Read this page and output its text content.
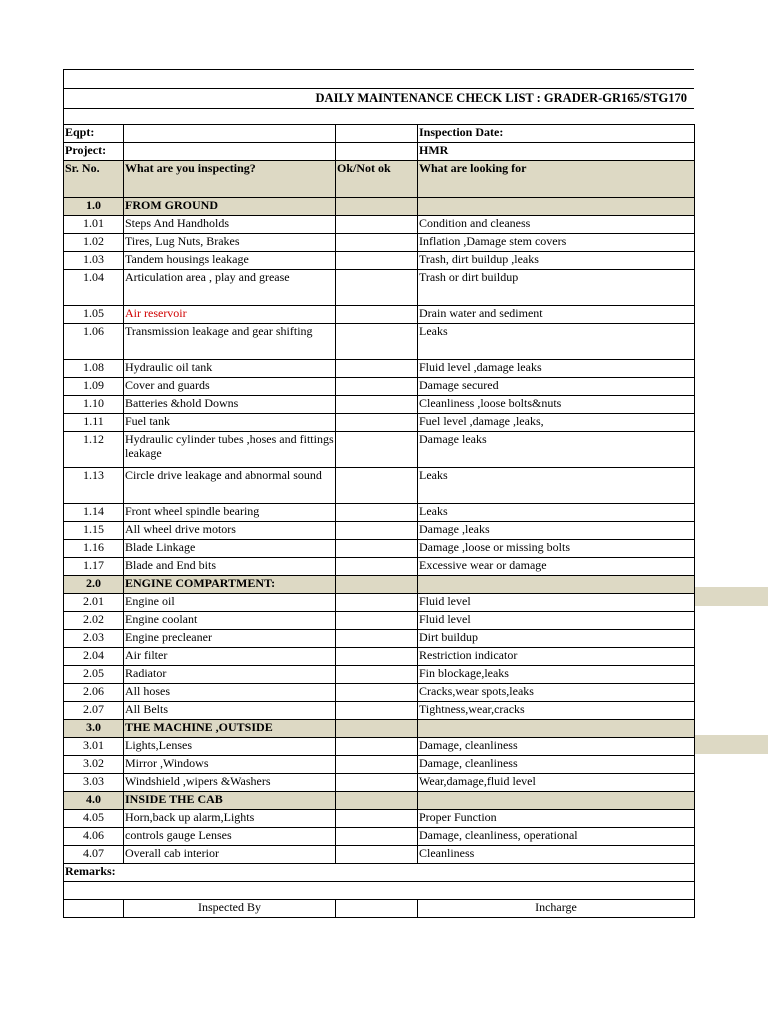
DAILY MAINTENANCE CHECK LIST : GRADER-GR165/STG170
Eqpt:			Inspection Date:
Project:			HMR
Sr. No.	What are you inspecting?	Ok/Not ok	What are looking for
1.0	FROM GROUND		
1.01	Steps And Handholds		Condition and cleaness
1.02	Tires, Lug Nuts, Brakes		Inflation ,Damage stem covers
1.03	Tandem housings leakage		Trash, dirt buildup ,leaks
1.04	Articulation area , play and grease		Trash or dirt buildup
1.05	Air reservoir		Drain water and sediment
1.06	Transmission leakage and gear shifting		Leaks
1.08	Hydraulic oil tank		Fluid level ,damage leaks
1.09	Cover and guards		Damage secured
1.10	Batteries &hold Downs		Cleanliness ,loose bolts&nuts
1.11	Fuel tank		Fuel level ,damage ,leaks,
1.12	Hydraulic cylinder tubes ,hoses and fittings leakage		Damage leaks
1.13	Circle drive leakage and abnormal sound		Leaks
1.14	Front wheel spindle bearing		Leaks
1.15	All wheel drive motors		Damage ,leaks
1.16	Blade Linkage		Damage ,loose or missing bolts
1.17	Blade and End bits		Excessive wear or damage
2.0	ENGINE COMPARTMENT:		
2.01	Engine oil		Fluid level
2.02	Engine coolant		Fluid level
2.03	Engine precleaner		Dirt buildup
2.04	Air filter		Restriction indicator
2.05	Radiator		Fin blockage,leaks
2.06	All hoses		Cracks,wear spots,leaks
2.07	All Belts		Tightness,wear,cracks
3.0	THE MACHINE ,OUTSIDE		
3.01	Lights,Lenses		Damage, cleanliness
3.02	Mirror ,Windows		Damage, cleanliness
3.03	Windshield ,wipers &Washers		Wear,damage,fluid level
4.0	INSIDE THE CAB		
4.05	Horn,back up alarm,Lights		Proper Function
4.06	controls gauge Lenses		Damage, cleanliness, operational
4.07	Overall cab interior		Cleanliness
Remarks:			

	Inspected By		Incharge
